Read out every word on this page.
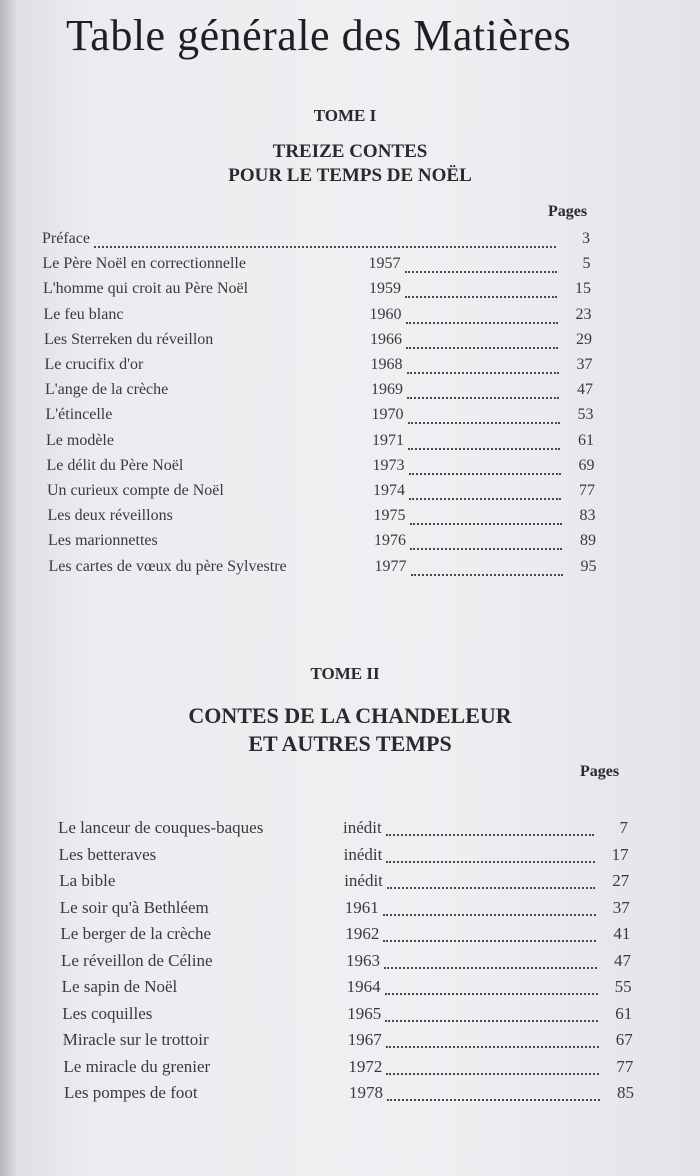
Table générale des Matières
TOME I
TREIZE CONTES
POUR LE TEMPS DE NOËL
Pages
Préface	3
Le Père Noël en correctionnelle	1957	5
L'homme qui croit au Père Noël	1959	15
Le feu blanc	1960	23
Les Sterreken du réveillon	1966	29
Le crucifix d'or	1968	37
L'ange de la crèche	1969	47
L'étincelle	1970	53
Le modèle	1971	61
Le délit du Père Noël	1973	69
Un curieux compte de Noël	1974	77
Les deux réveillons	1975	83
Les marionnettes	1976	89
Les cartes de vœux du père Sylvestre	1977	95
TOME II
CONTES DE LA CHANDELEUR
ET AUTRES TEMPS
Pages
Le lanceur de couques-baques	inédit	7
Les betteraves	inédit	17
La bible	inédit	27
Le soir qu'à Bethléem	1961	37
Le berger de la crèche	1962	41
Le réveillon de Céline	1963	47
Le sapin de Noël	1964	55
Les coquilles	1965	61
Miracle sur le trottoir	1967	67
Le miracle du grenier	1972	77
Les pompes de foot	1978	85
